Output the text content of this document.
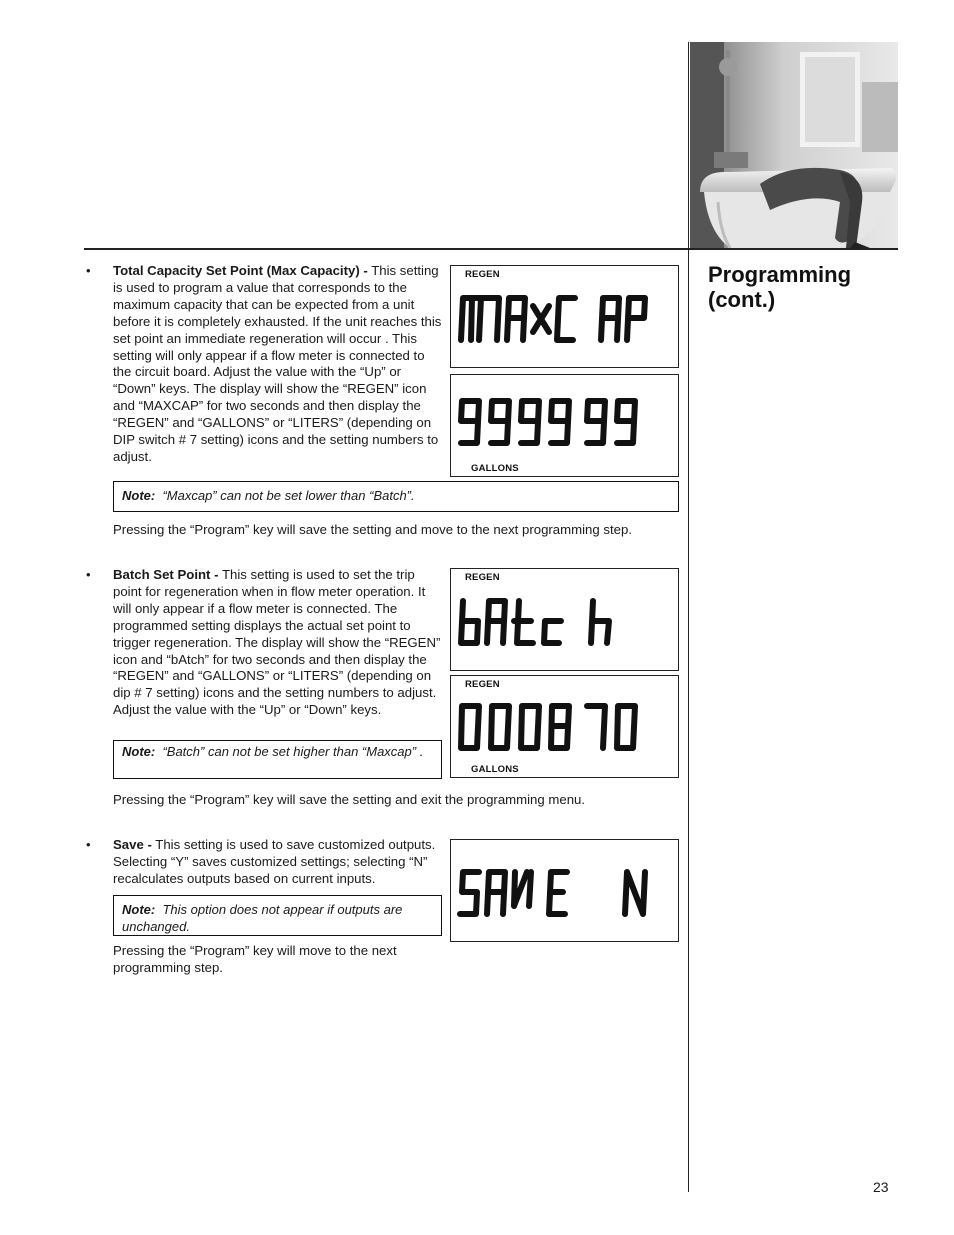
Programming (cont.)
• Total Capacity Set Point (Max Capacity) - This setting is used to program a value that corresponds to the maximum capacity that can be expected from a unit before it is completely exhausted. If the unit reaches this set point an immediate regeneration will occur . This setting will only appear if a flow meter is connected to the circuit board. Adjust the value with the “Up” or “Down” keys. The display will show the “REGEN” icon and “MAXCAP” for two seconds and then display the “REGEN” and “GALLONS” or “LITERS” (depending on DIP switch # 7 setting) icons and the setting numbers to adjust.
REGEN
GALLONS
Note: “Maxcap” can not be set lower than “Batch”.
Pressing the “Program” key will save the setting and move to the next programming step.
• Batch Set Point - This setting is used to set the trip point for regeneration when in flow meter operation. It will only appear if a flow meter is connected. The programmed setting displays the actual set point to trigger regeneration. The display will show the “REGEN” icon and “bAtch” for two seconds and then display the “REGEN” and “GALLONS” or “LITERS” (depending on dip # 7 setting) icons and the setting numbers to adjust. Adjust the value with the “Up” or “Down” keys.
REGEN
REGEN
GALLONS
Note: “Batch” can not be set higher than “Maxcap” .
Pressing the “Program” key will save the setting and exit the programming menu.
• Save - This setting is used to save customized outputs. Selecting “Y” saves customized settings; selecting “N” recalculates outputs based on current inputs.
Note: This option does not appear if outputs are unchanged.
Pressing the “Program” key will move to the next programming step.
23
